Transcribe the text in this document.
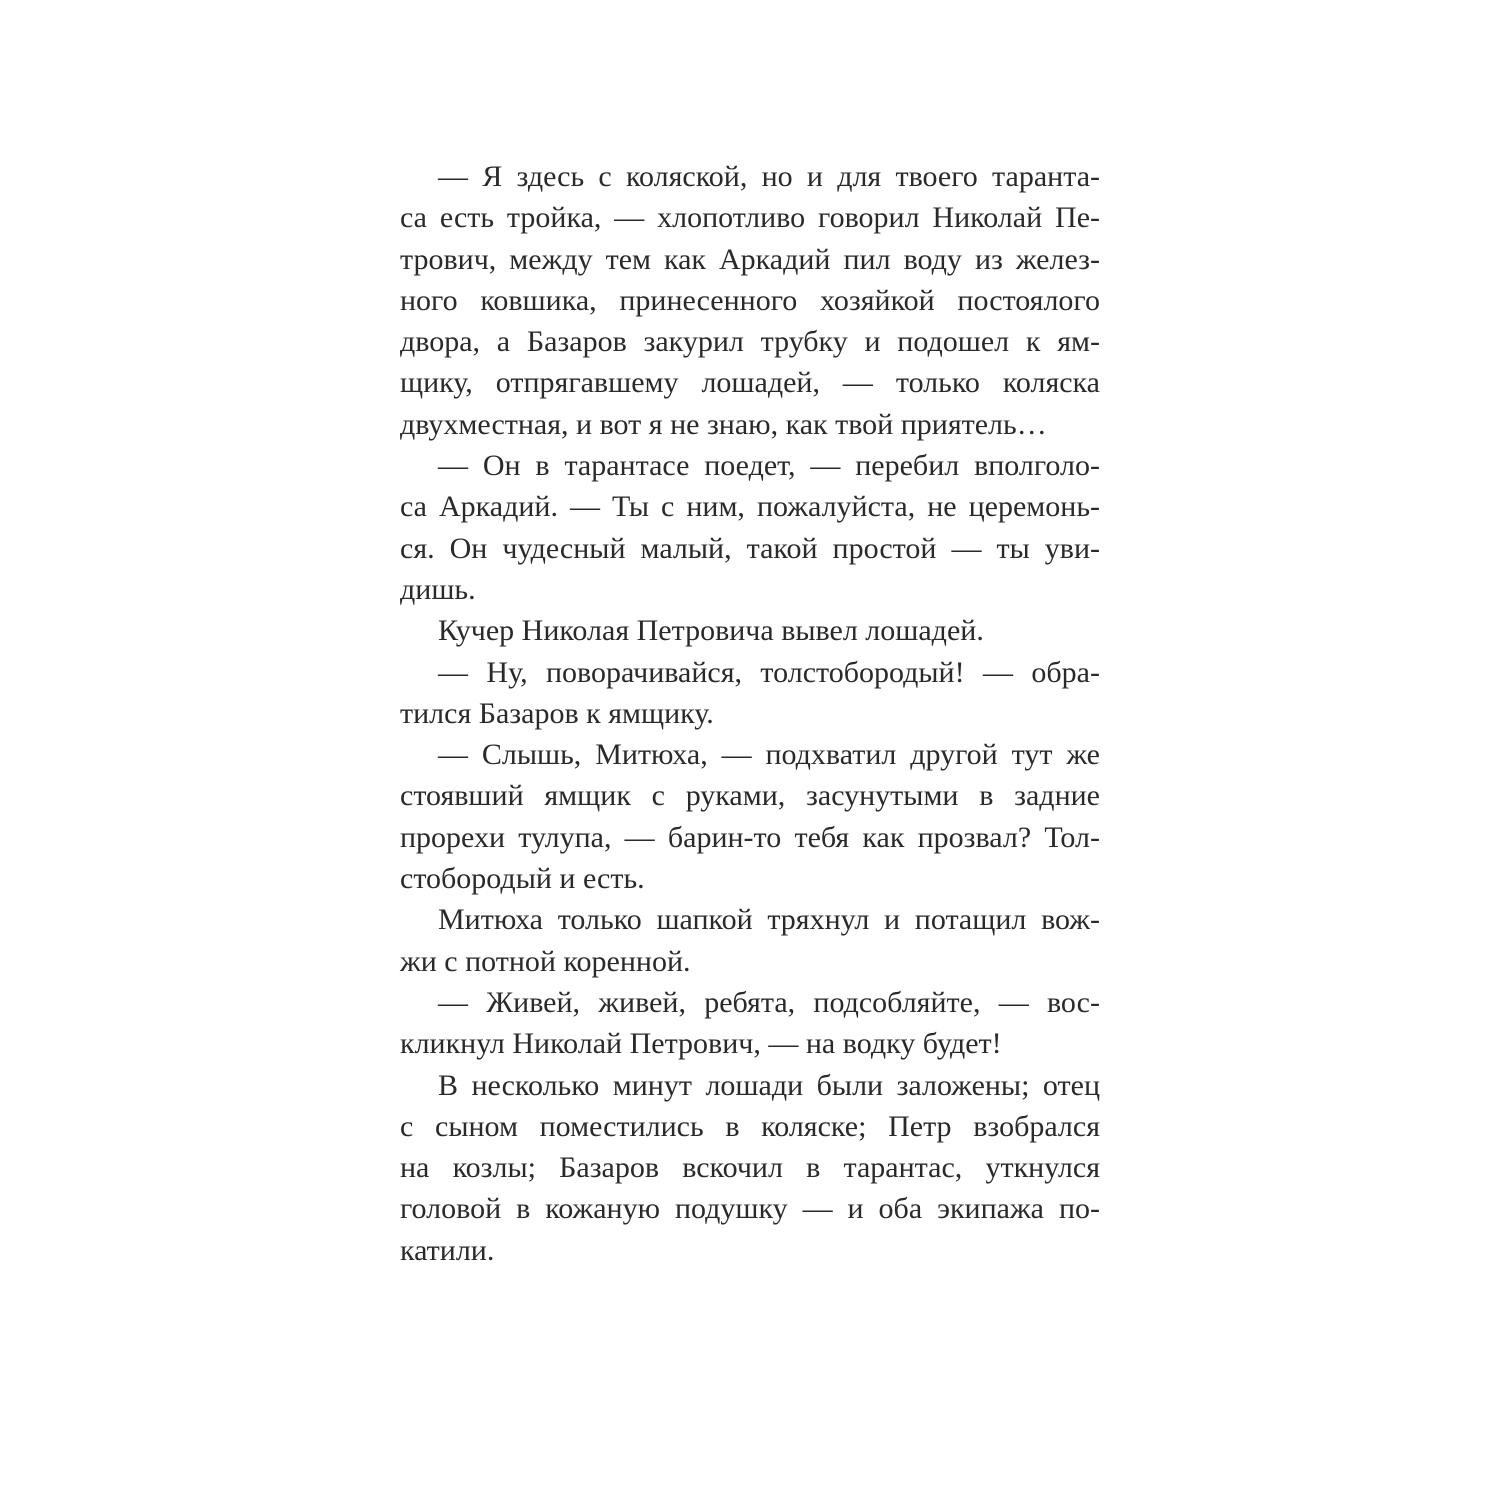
— Я здесь с коляской, но и для твоего таранта-
са есть тройка, — хлопотливо говорил Николай Пе-
трович, между тем как Аркадий пил воду из желез-
ного ковшика, принесенного хозяйкой постоялого
двора, а Базаров закурил трубку и подошел к ям-
щику, отпрягавшему лошадей, — только коляска
двухместная, и вот я не знаю, как твой приятель…
— Он в тарантасе поедет, — перебил вполголо-
са Аркадий. — Ты с ним, пожалуйста, не церемонь-
ся. Он чудесный малый, такой простой — ты уви-
дишь.
Кучер Николая Петровича вывел лошадей.
— Ну, поворачивайся, толстобородый! — обра-
тился Базаров к ямщику.
— Слышь, Митюха, — подхватил другой тут же
стоявший ямщик с руками, засунутыми в задние
прорехи тулупа, — барин-то тебя как прозвал? Тол-
стобородый и есть.
Митюха только шапкой тряхнул и потащил вож-
жи с потной коренной.
— Живей, живей, ребята, подсобляйте, — вос-
кликнул Николай Петрович, — на водку будет!
В несколько минут лошади были заложены; отец
с сыном поместились в коляске; Петр взобрался
на козлы; Базаров вскочил в тарантас, уткнулся
головой в кожаную подушку — и оба экипажа по-
катили.
